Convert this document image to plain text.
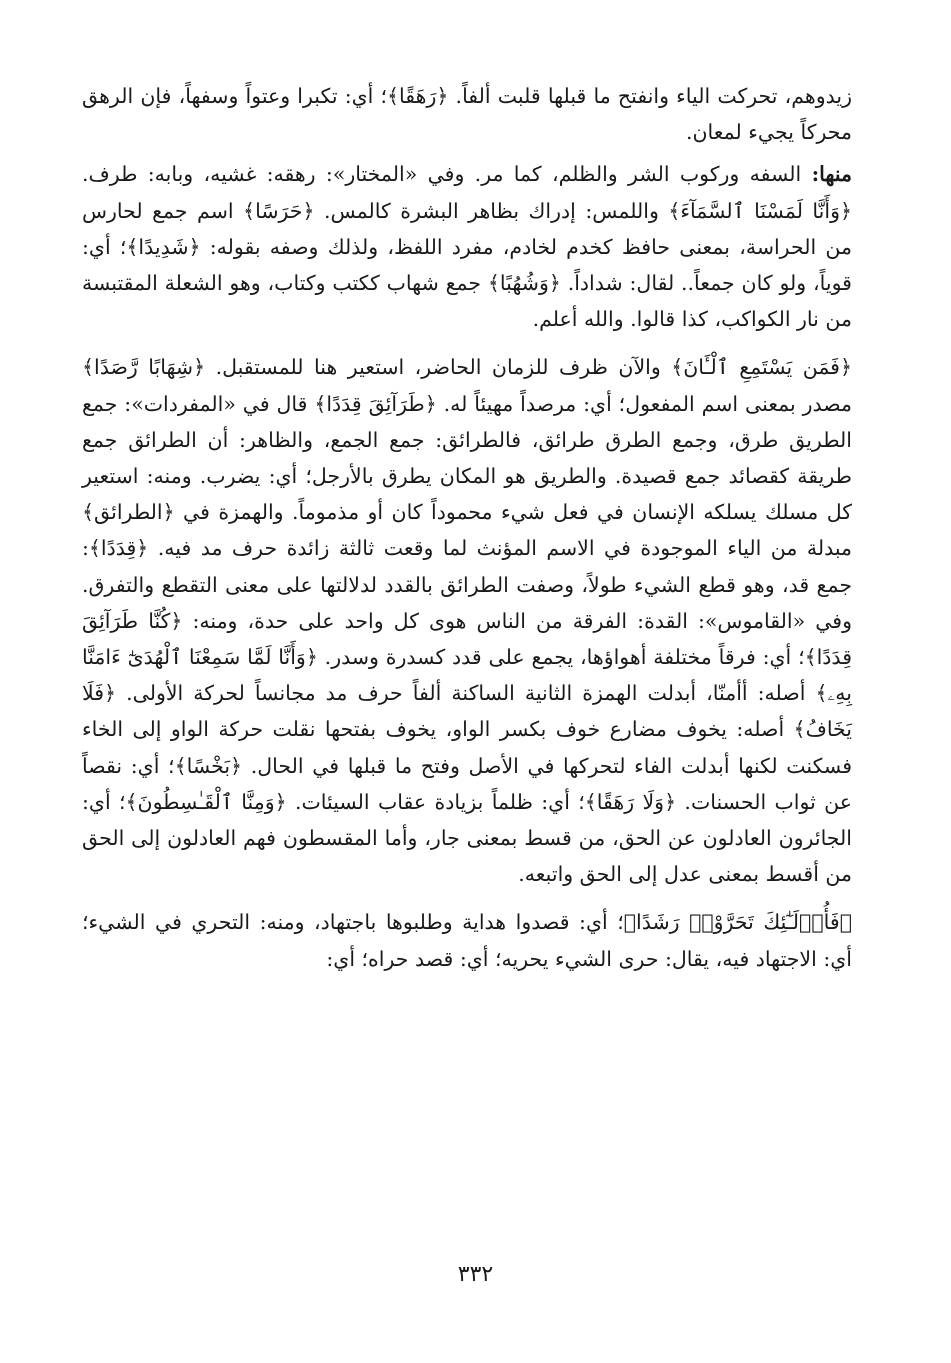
زيدوهم، تحركت الياء وانفتح ما قبلها قلبت ألفاً. ﴿رَهَقًا﴾؛ أي: تكبرا وعتواً وسفهاً، فإن الرهق محركاً يجيء لمعان.

منها: السفه وركوب الشر والظلم، كما مر. وفي «المختار»: رهقه: غشيه، وبابه: طرف. ﴿وَأَنَّا لَمَسْنَا ٱلسَّمَآءَ﴾ واللمس: إدراك بظاهر البشرة كالمس. ﴿حَرَسًا﴾ اسم جمع لحارس من الحراسة، بمعنى حافظ كخدم لخادم، مفرد اللفظ، ولذلك وصفه بقوله: ﴿شَدِيدًا﴾؛ أي: قوياً، ولو كان جمعاً.. لقال: شداداً. ﴿وَشُهُبًا﴾ جمع شهاب ككتب وكتاب، وهو الشعلة المقتبسة من نار الكواكب، كذا قالوا. والله أعلم.

﴿فَمَن يَسْتَمِعِ ٱلْـَٔانَ﴾ والآن ظرف للزمان الحاضر، استعير هنا للمستقبل. ﴿شِهَابًا رَّصَدًا﴾ مصدر بمعنى اسم المفعول؛ أي: مرصداً مهيئاً له. ﴿طَرَآئِقَ قِدَدًا﴾ قال في «المفردات»: جمع الطريق طرق، وجمع الطرق طرائق، فالطرائق: جمع الجمع، والظاهر: أن الطرائق جمع طريقة كقصائد جمع قصيدة. والطريق هو المكان يطرق بالأرجل؛ أي: يضرب. ومنه: استعير كل مسلك يسلكه الإنسان في فعل شيء محموداً كان أو مذموماً. والهمزة في ﴿الطرائق﴾ مبدلة من الياء الموجودة في الاسم المؤنث لما وقعت ثالثة زائدة حرف مد فيه. ﴿قِدَدًا﴾: جمع قد، وهو قطع الشيء طولاً، وصفت الطرائق بالقدد لدلالتها على معنى التقطع والتفرق. وفي «القاموس»: القدة: الفرقة من الناس هوى كل واحد على حدة، ومنه: ﴿كُنَّا طَرَآئِقَ قِدَدًا﴾؛ أي: فرقاً مختلفة أهواؤها، يجمع على قدد كسدرة وسدر. ﴿وَأَنَّا لَمَّا سَمِعْنَا ٱلْهُدَىٰٓ ءَامَنَّا بِهِۦ﴾ أصله: أأمنّا، أبدلت الهمزة الثانية الساكنة ألفاً حرف مد مجانساً لحركة الأولى. ﴿فَلَا يَخَافُ﴾ أصله: يخوف مضارع خوف بكسر الواو، يخوف بفتحها نقلت حركة الواو إلى الخاء فسكنت لكنها أبدلت الفاء لتحركها في الأصل وفتح ما قبلها في الحال. ﴿بَخْسًا﴾؛ أي: نقصاً عن ثواب الحسنات. ﴿وَلَا رَهَقًا﴾؛ أي: ظلماً بزيادة عقاب السيئات. ﴿وَمِنَّا ٱلْقَـٰسِطُونَ﴾؛ أي: الجائرون العادلون عن الحق، من قسط بمعنى جار، وأما المقسطون فهم العادلون إلى الحق من أقسط بمعنى عدل إلى الحق واتبعه.

﴿فَأُو۟لَـٰٓئِكَ تَحَرَّوْا۟ رَشَدًا﴾؛ أي: قصدوا هداية وطلبوها باجتهاد، ومنه: التحري في الشيء؛ أي: الاجتهاد فيه، يقال: حرى الشيء يحريه؛ أي: قصد حراه؛ أي:

٣٣٢
